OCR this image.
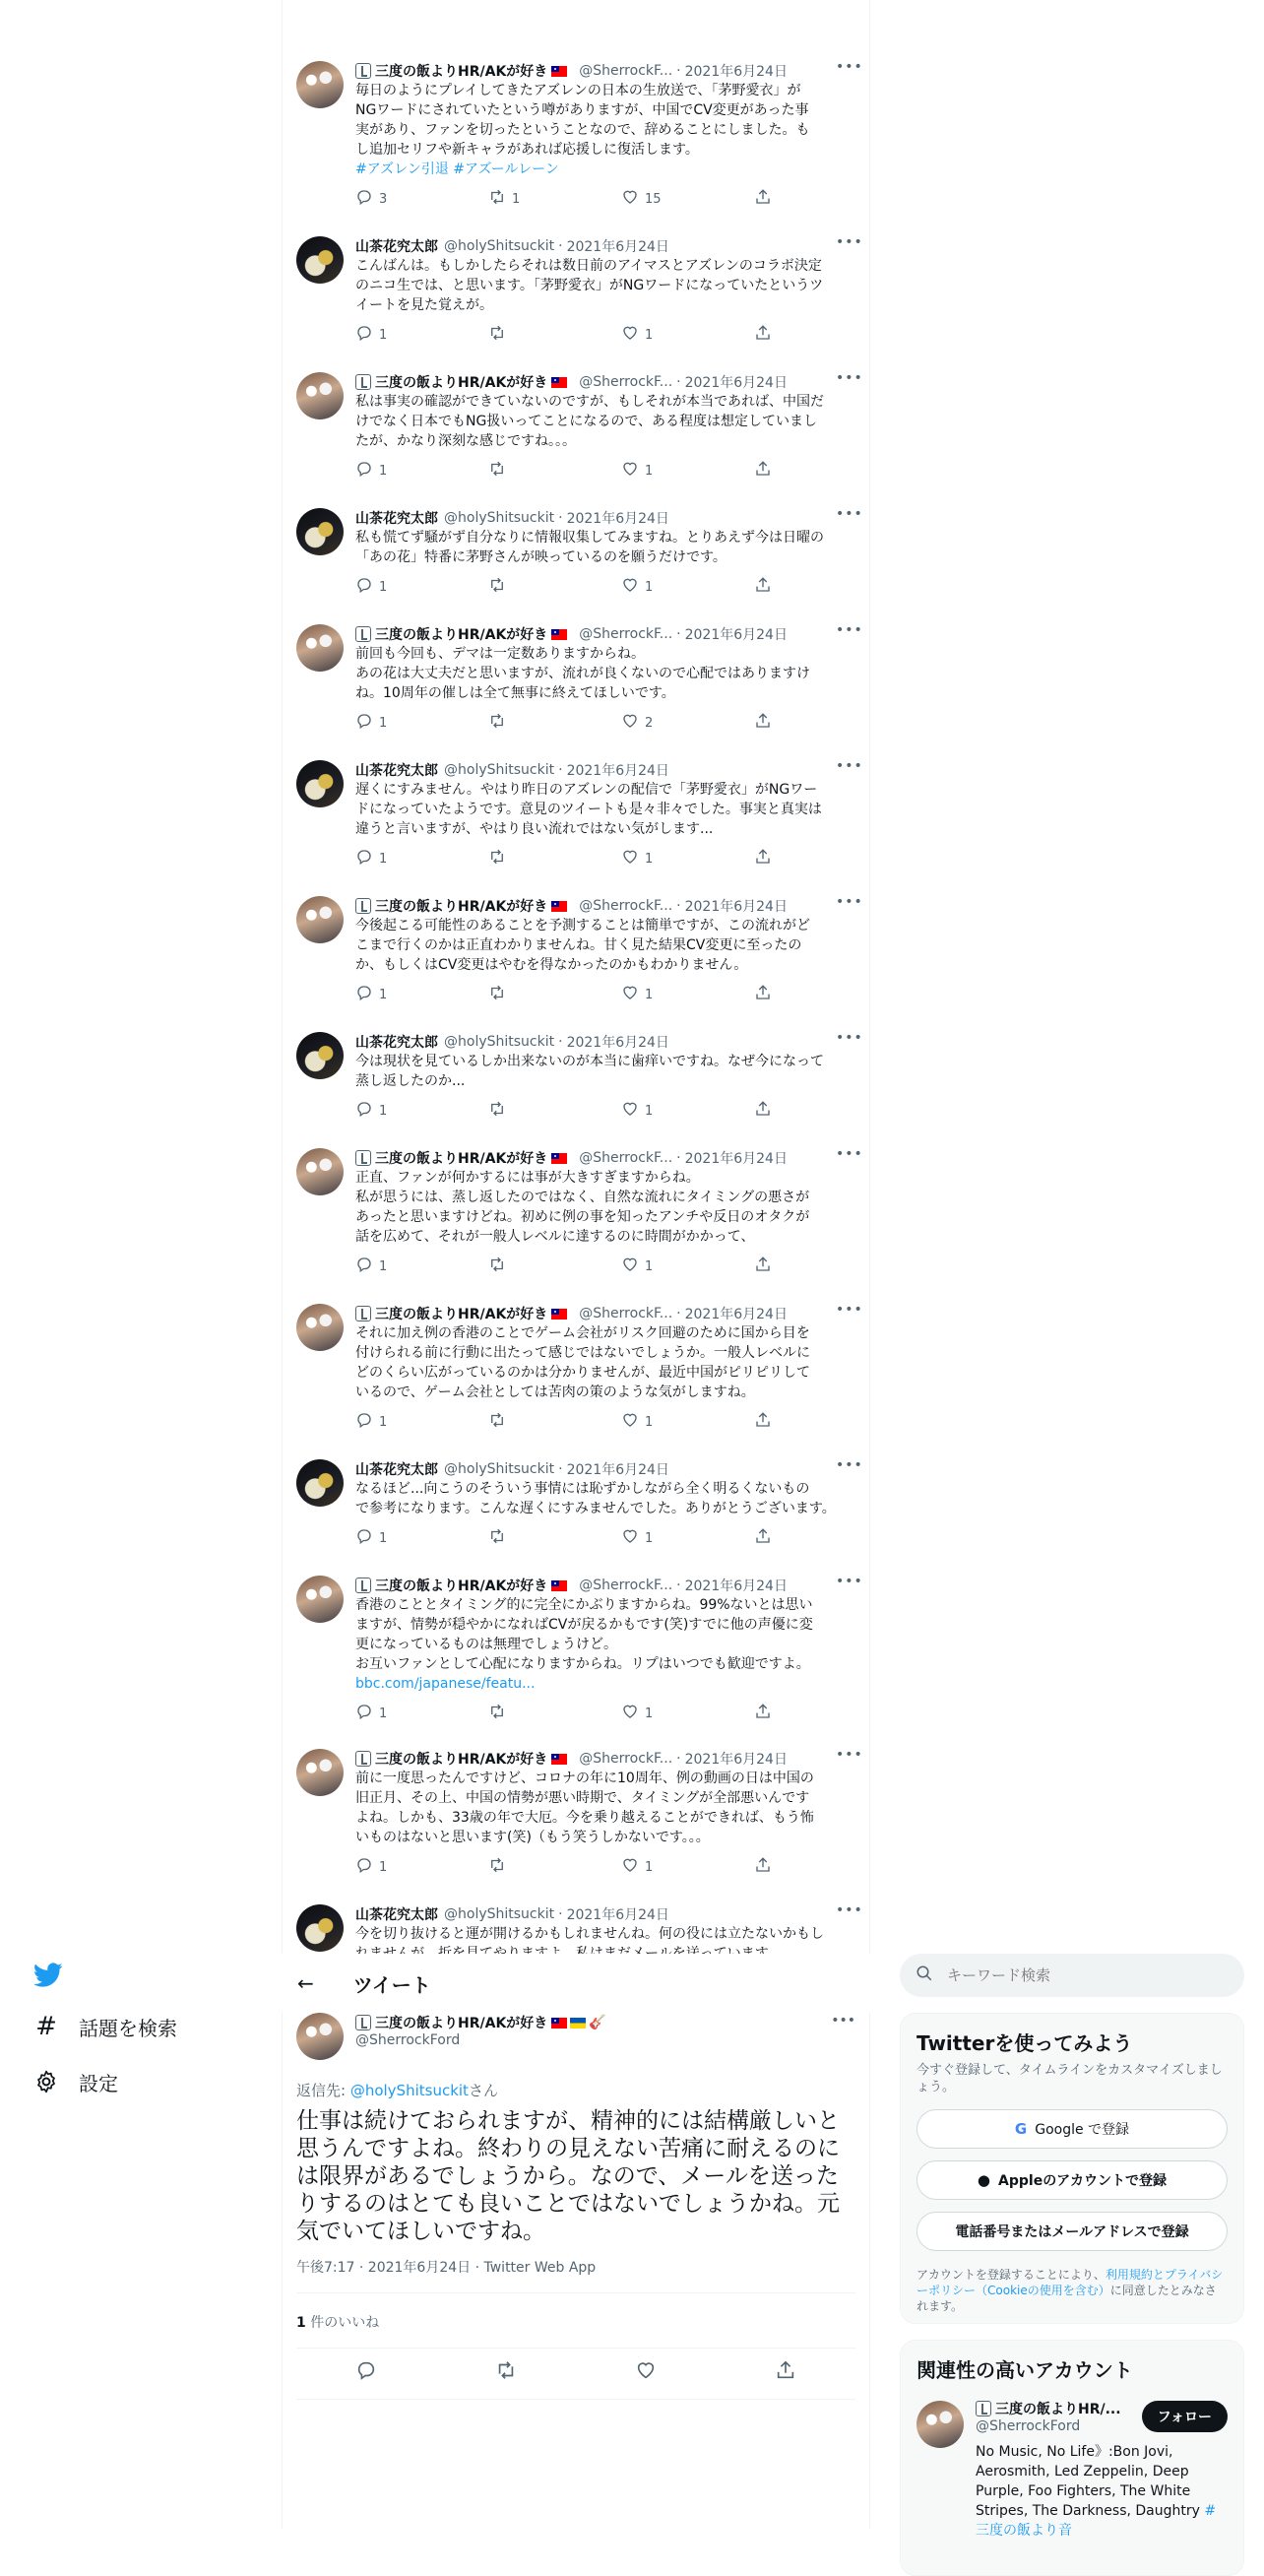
三度の飯よりHR/AKが好き @SherrockF... · 2021年6月24日	•••
毎日のようにプレイしてきたアズレンの日本の生放送で、「茅野愛衣」が
NGワードにされていたという噂がありますが、中国でCV変更があった事
実があり、ファンを切ったということなので、辞めることにしました。も
し追加セリフや新キャラがあれば応援しに復活します。
#アズレン引退 #アズールレーン
3	1	15
山茶花究太郎 @holyShitsuckit · 2021年6月24日	•••
こんばんは。もしかしたらそれは数日前のアイマスとアズレンのコラボ決定
のニコ生では、と思います。「茅野愛衣」がNGワードになっていたというツ
イートを見た覚えが。
1	1
三度の飯よりHR/AKが好き @SherrockF... · 2021年6月24日	•••
私は事実の確認ができていないのですが、もしそれが本当であれば、中国だ
けでなく日本でもNG扱いってことになるので、ある程度は想定していまし
たが、かなり深刻な感じですね。。。
1	1
山茶花究太郎 @holyShitsuckit · 2021年6月24日	•••
私も慌てず騒がず自分なりに情報収集してみますね。とりあえず今は日曜の
「あの花」特番に茅野さんが映っているのを願うだけです。
1	1
三度の飯よりHR/AKが好き @SherrockF... · 2021年6月24日	•••
前回も今回も、デマは一定数ありますからね。
あの花は大丈夫だと思いますが、流れが良くないので心配ではありますけ
ね。10周年の催しは全て無事に終えてほしいです。
1	2
山茶花究太郎 @holyShitsuckit · 2021年6月24日	•••
遅くにすみません。やはり昨日のアズレンの配信で「茅野愛衣」がNGワー
ドになっていたようです。意見のツイートも是々非々でした。事実と真実は
違うと言いますが、やはり良い流れではない気がします...
1	1
三度の飯よりHR/AKが好き @SherrockF... · 2021年6月24日	•••
今後起こる可能性のあることを予測することは簡単ですが、この流れがど
こまで行くのかは正直わかりませんね。甘く見た結果CV変更に至ったの
か、もしくはCV変更はやむを得なかったのかもわかりません。
1	1
山茶花究太郎 @holyShitsuckit · 2021年6月24日	•••
今は現状を見ているしか出来ないのが本当に歯痒いですね。なぜ今になって
蒸し返したのか...
1	1
三度の飯よりHR/AKが好き @SherrockF... · 2021年6月24日	•••
正直、ファンが何かするには事が大きすぎますからね。
私が思うには、蒸し返したのではなく、自然な流れにタイミングの悪さが
あったと思いますけどね。初めに例の事を知ったアンチや反日のオタクが
話を広めて、それが一般人レベルに達するのに時間がかかって、
1	1
三度の飯よりHR/AKが好き @SherrockF... · 2021年6月24日	•••
それに加え例の香港のことでゲーム会社がリスク回避のために国から目を
付けられる前に行動に出たって感じではないでしょうか。一般人レベルに
どのくらい広がっているのかは分かりませんが、最近中国がピリピリして
いるので、ゲーム会社としては苦肉の策のような気がしますね。
1	1
山茶花究太郎 @holyShitsuckit · 2021年6月24日	•••
なるほど...向こうのそういう事情には恥ずかしながら全く明るくないもの
で参考になります。こんな遅くにすみませんでした。ありがとうございます。
1	1
三度の飯よりHR/AKが好き @SherrockF... · 2021年6月24日	•••
香港のこととタイミング的に完全にかぶりますからね。99%ないとは思い
ますが、情勢が穏やかになればCVが戻るかもです(笑)すでに他の声優に変
更になっているものは無理でしょうけど。
お互いファンとして心配になりますからね。リプはいつでも歓迎ですよ。
bbc.com/japanese/featu...
1	1
三度の飯よりHR/AKが好き @SherrockF... · 2021年6月24日	•••
前に一度思ったんですけど、コロナの年に10周年、例の動画の日は中国の
旧正月、その上、中国の情勢が悪い時期で、タイミングが全部悪いんです
よね。しかも、33歳の年で大厄。今を乗り越えることができれば、もう怖
いものはないと思います(笑)（もう笑うしかないです。。。
1	1
山茶花究太郎 @holyShitsuckit · 2021年6月24日	•••
今を切り抜けると運が開けるかもしれませんね。何の役には立たないかもし

# 話題を検索
設定
← ツイート
三度の飯よりHR/AKが好き	🎸
@SherrockFord
•••
返信先: @holyShitsuckitさん
仕事は続けておられますが、精神的には結構厳しいと思うんですよね。終わりの見えない苦痛に耐えるのには限界があるでしょうから。なので、メールを送ったりするのはとても良いことではないでしょうかね。元気でいてほしいですね。
午後7:17 · 2021年6月24日 · Twitter Web App
1 件のいいね
キーワード検索
Twitterを使ってみよう
今すぐ登録して、タイムラインをカスタマイズしましょう。
G Google で登録
● Appleのアカウントで登録
電話番号またはメールアドレスで登録
アカウントを登録することにより、利用規約とプライバシーポリシー（Cookieの使用を含む）に同意したとみなされます。
関連性の高いアカウント
三度の飯よりHR/...
@SherrockFord
No Music, No Life》:Bon Jovi, Aerosmith, Led Zeppelin, Deep Purple, Foo Fighters, The White Stripes, The Darkness, Daughtry #三度の飯より音
フォロー
